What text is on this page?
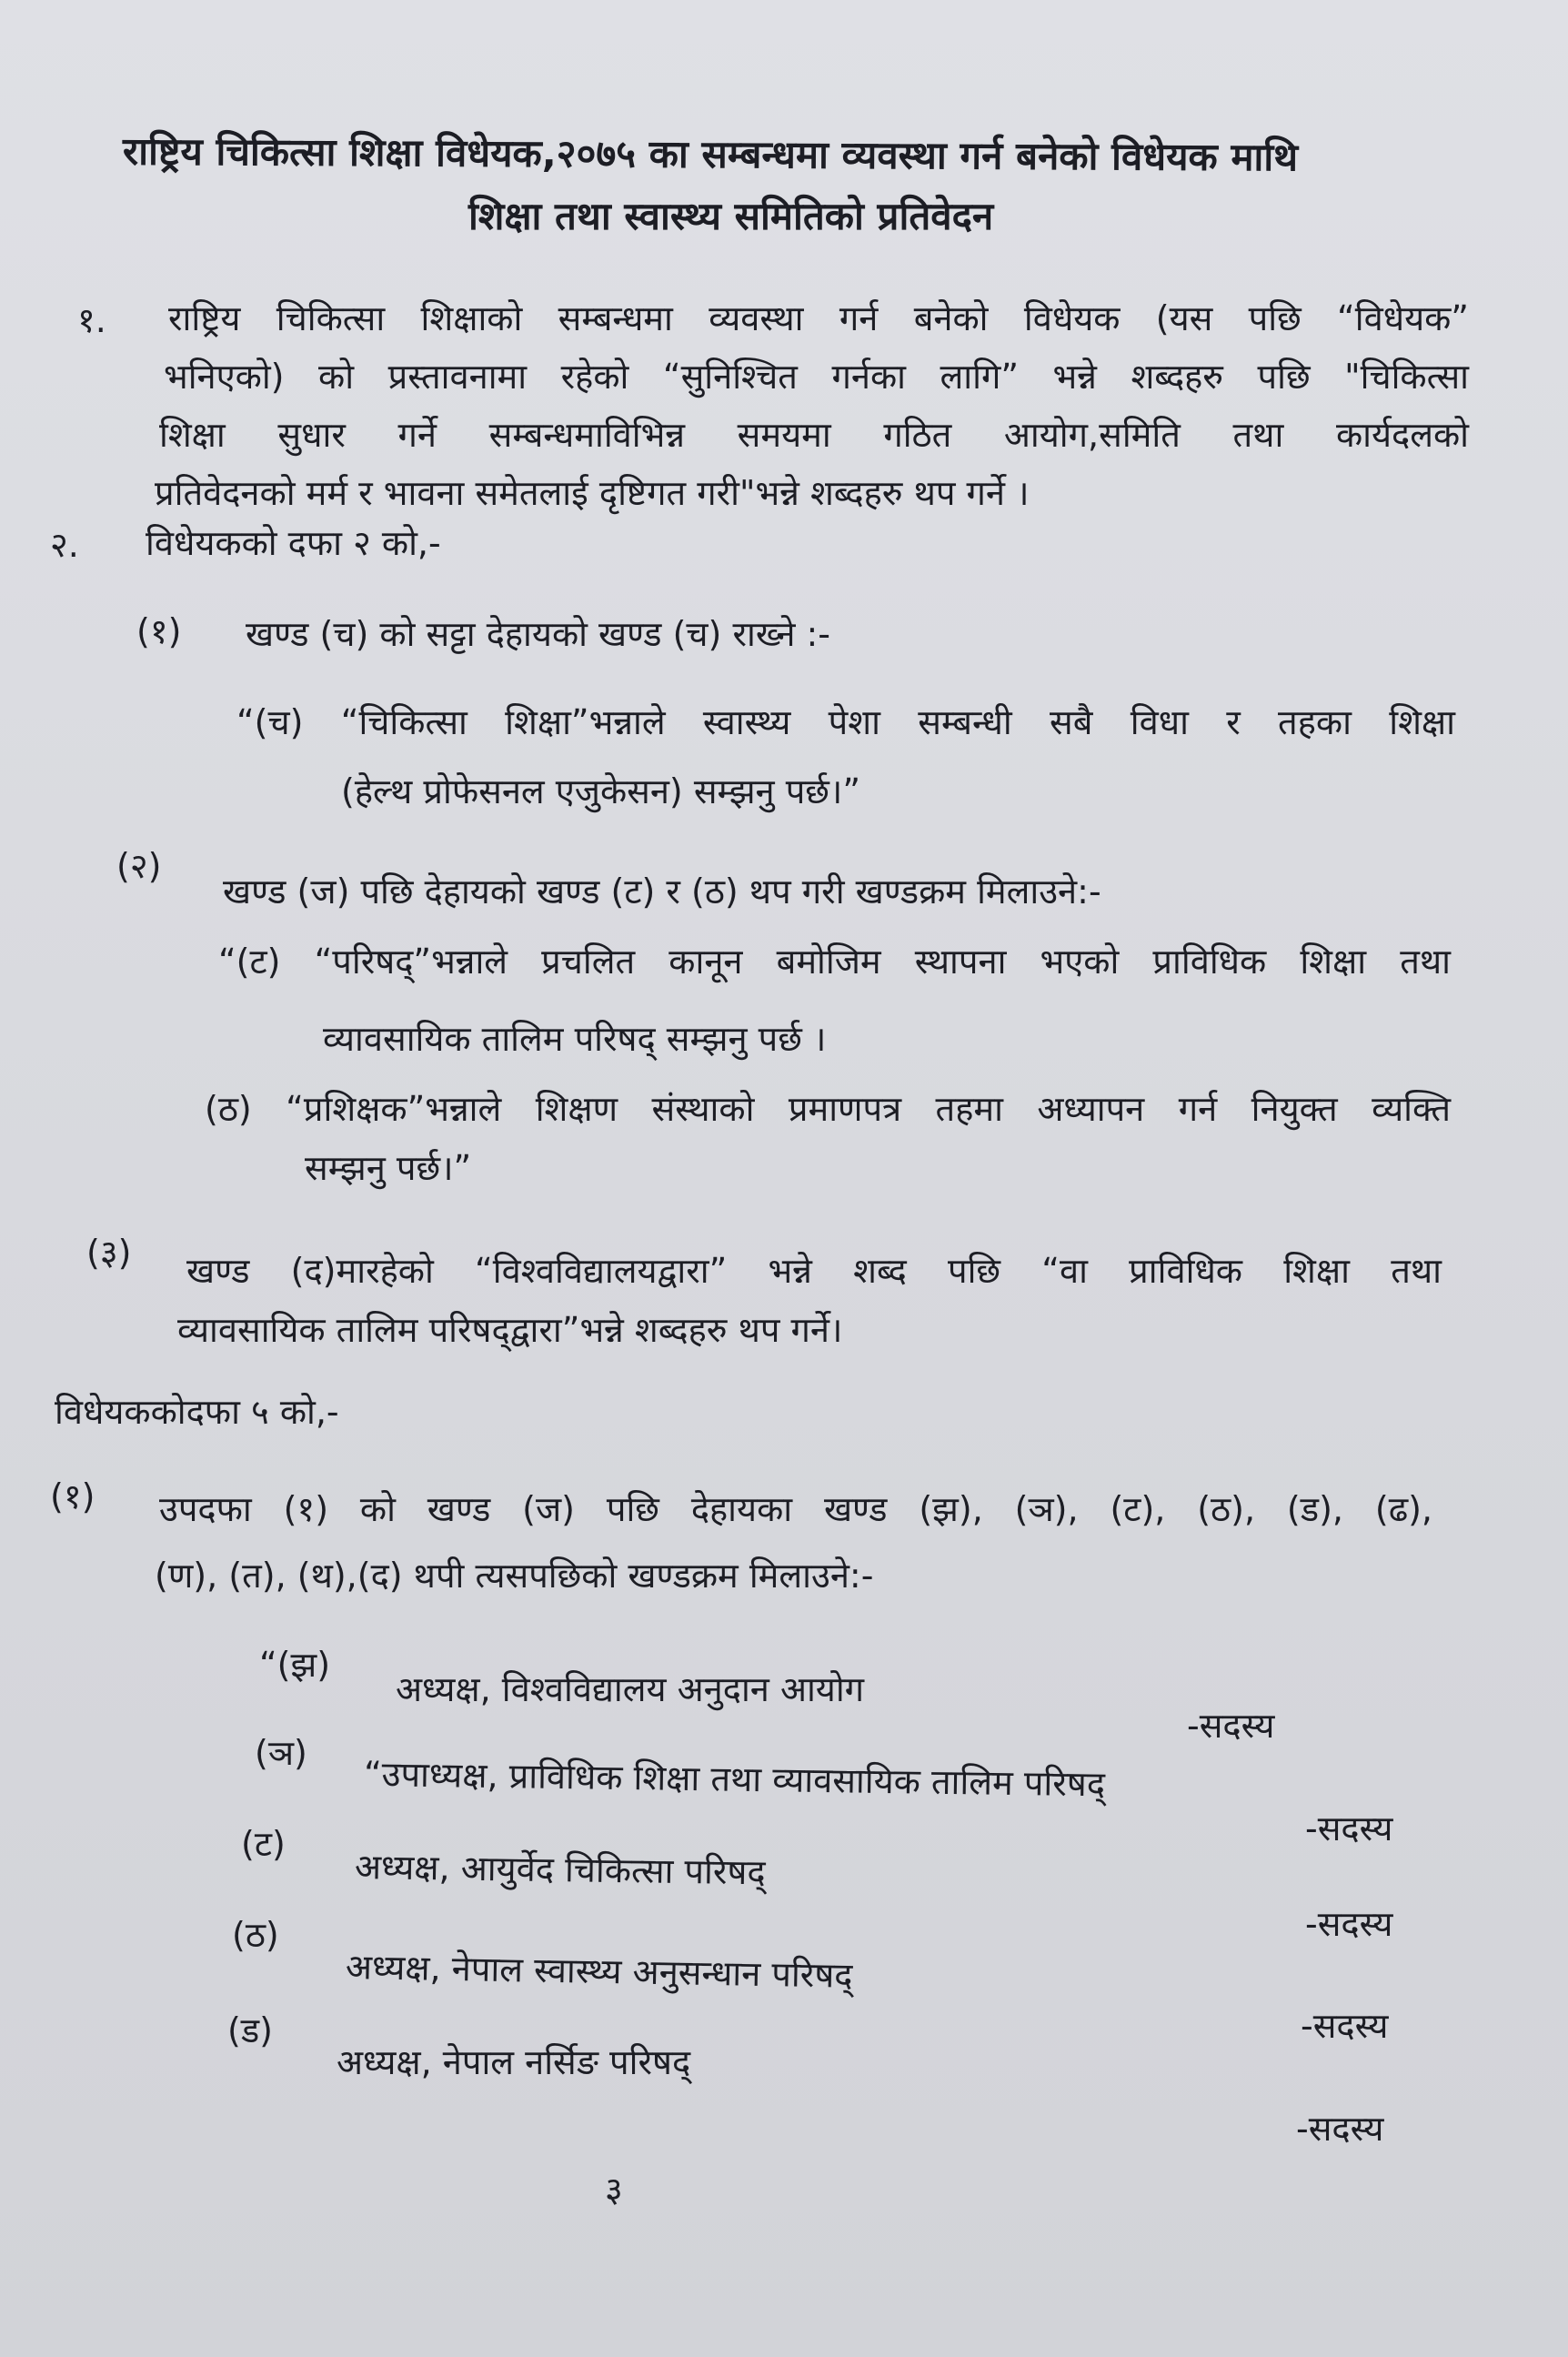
राष्ट्रिय चिकित्सा शिक्षा विधेयक,२०७५ का सम्बन्धमा व्यवस्था गर्न बनेको विधेयक माथि
शिक्षा तथा स्वास्थ्य समितिको प्रतिवेदन
१. राष्ट्रिय चिकित्सा शिक्षाको सम्बन्धमा व्यवस्था गर्न बनेको विधेयक (यस पछि “विधेयक”
भनिएको) को प्रस्तावनामा रहेको “सुनिश्चित गर्नका लागि” भन्ने शब्दहरु पछि "चिकित्सा
शिक्षा सुधार गर्ने सम्बन्धमाविभिन्न समयमा गठित आयोग,समिति तथा कार्यदलको
प्रतिवेदनको मर्म र भावना समेतलाई दृष्टिगत गरी"भन्ने शब्दहरु थप गर्ने ।
२. विधेयकको दफा २ को,-
(१) खण्ड (च) को सट्टा देहायको खण्ड (च) राख्ने :-
“(च) “चिकित्सा शिक्षा”भन्नाले स्वास्थ्य पेशा सम्बन्धी सबै विधा र तहका शिक्षा
(हेल्थ प्रोफेसनल एजुकेसन) सम्झनु पर्छ।”
(२)
खण्ड (ज) पछि देहायको खण्ड (ट) र (ठ) थप गरी खण्डक्रम मिलाउने:-
“(ट) “परिषद्”भन्नाले प्रचलित कानून बमोजिम स्थापना भएको प्राविधिक शिक्षा तथा
व्यावसायिक तालिम परिषद् सम्झनु पर्छ ।
(ठ) “प्रशिक्षक”भन्नाले शिक्षण संस्थाको प्रमाणपत्र तहमा अध्यापन गर्न नियुक्त व्यक्ति
सम्झनु पर्छ।”
(३) खण्ड (द)मारहेको “विश्वविद्यालयद्वारा” भन्ने शब्द पछि “वा प्राविधिक शिक्षा तथा
व्यावसायिक तालिम परिषद्‌द्वारा”भन्ने शब्दहरु थप गर्ने।
विधेयककोदफा ५ को,-
(१) उपदफा (१) को खण्ड (ज) पछि देहायका खण्ड (झ), (ञ), (ट), (ठ), (ड), (ढ),
(ण), (त), (थ),(द) थपी त्यसपछिको खण्डक्रम मिलाउने:-
“(झ)
अध्यक्ष, विश्वविद्यालय अनुदान आयोग
-सदस्य
(ञ)
“उपाध्यक्ष, प्राविधिक शिक्षा तथा व्यावसायिक तालिम परिषद्
-सदस्य
(ट)
अध्यक्ष, आयुर्वेद चिकित्सा परिषद्
-सदस्य
(ठ)
अध्यक्ष, नेपाल स्वास्थ्य अनुसन्धान परिषद्
-सदस्य
(ड)
अध्यक्ष, नेपाल नर्सिङ परिषद्
-सदस्य
३
